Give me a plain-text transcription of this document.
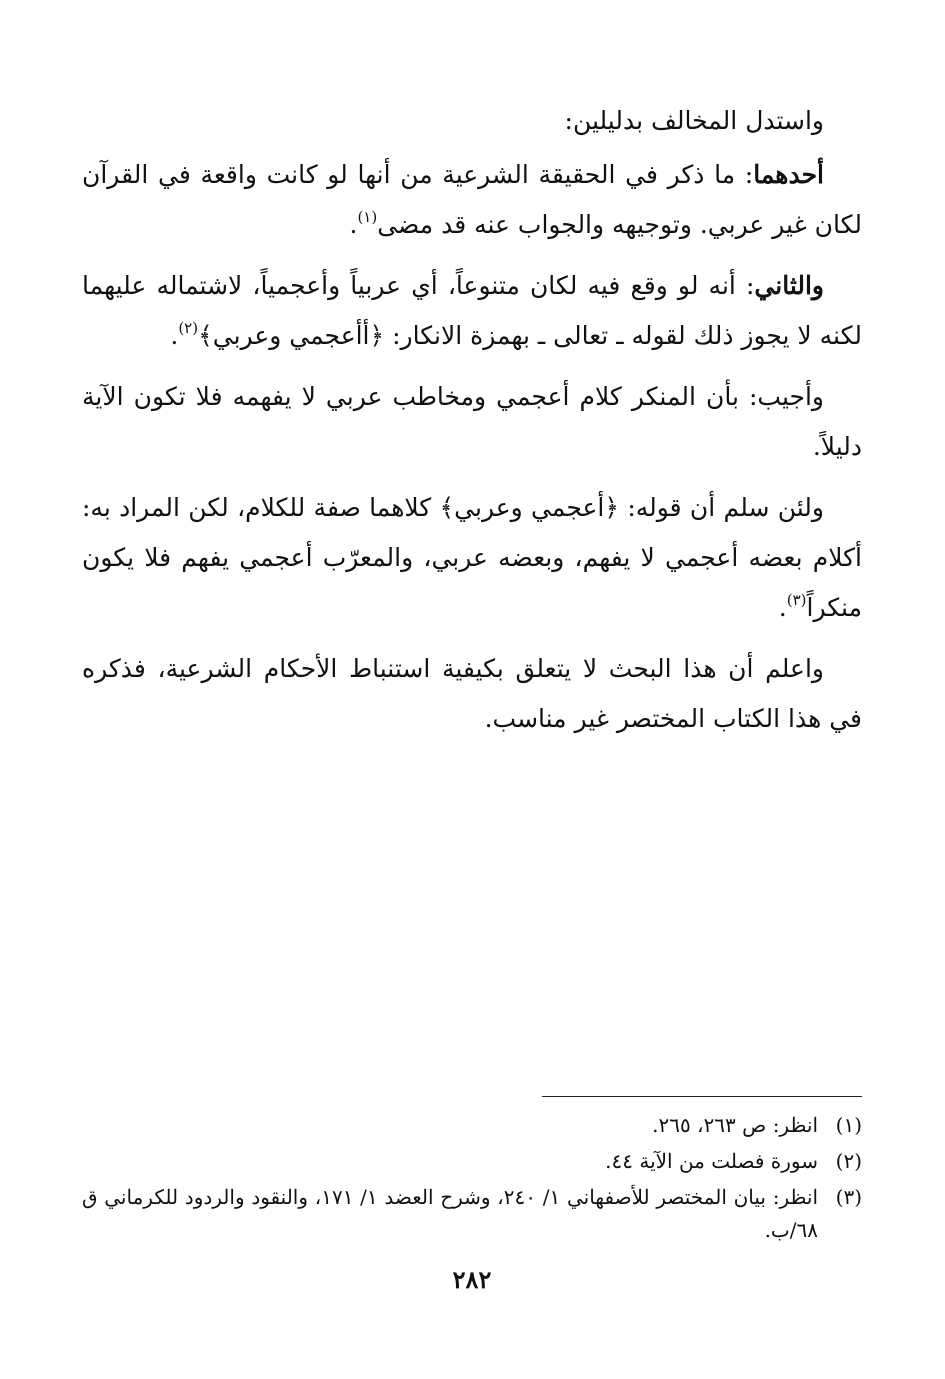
واستدل المخالف بدليلين:

أحدهما: ما ذكر في الحقيقة الشرعية من أنها لو كانت واقعة في القرآن لكان غير عربي. وتوجيهه والجواب عنه قد مضى$^{(١)}$.

والثاني: أنه لو وقع فيه لكان متنوعاً، أي عربياً وأعجمياً، لاشتماله عليهما لكنه لا يجوز ذلك لقوله ـ تعالى ـ بهمزة الانكار: ﴿أأعجمي وعربي﴾$^{(٢)}$.

وأجيب: بأن المنكر كلام أعجمي ومخاطب عربي لا يفهمه فلا تكون الآية دليلاً.

ولئن سلم أن قوله: ﴿أعجمي وعربي﴾ كلاهما صفة للكلام، لكن المراد به: أكلام بعضه أعجمي لا يفهم، وبعضه عربي، والمعرّب أعجمي يفهم فلا يكون منكراً$^{(٣)}$.

واعلم أن هذا البحث لا يتعلق بكيفية استنباط الأحكام الشرعية، فذكره في هذا الكتاب المختصر غير مناسب.

(١)انظر: ص ٢٦٣، ٢٦٥.

(٢)سورة فصلت من الآية ٤٤.

(٣)انظر: بيان المختصر للأصفهاني ١/ ٢٤٠، وشرح العضد ١/ ١٧١، والنقود والردود للكرماني ق ٦٨/ب.

٢٨٢
